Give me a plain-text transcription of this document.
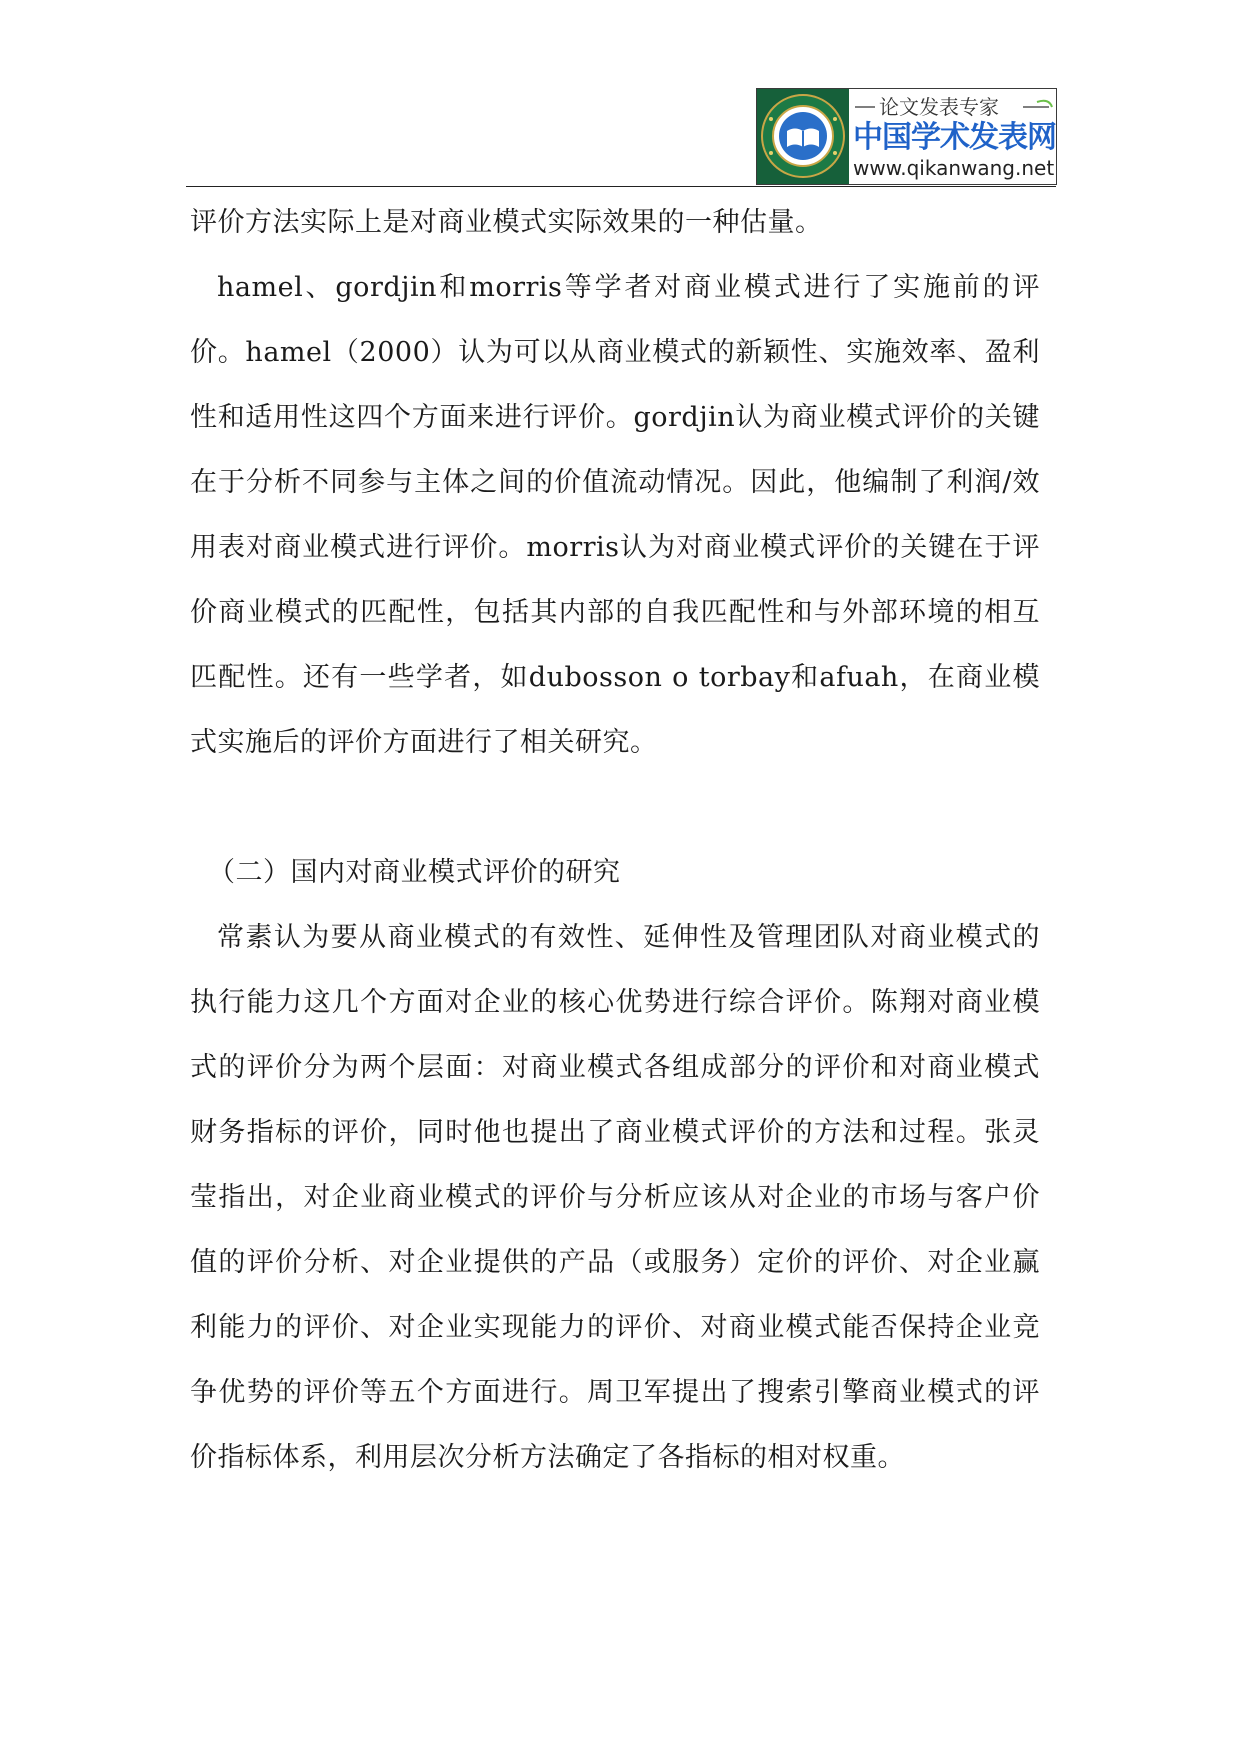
论文发表专家
中国学术发表网
www.qikanwang.net

评价方法实际上是对商业模式实际效果的一种估量。

hamel、gordjin和morris等学者对商业模式进行了实施前的评价。hamel（2000）认为可以从商业模式的新颖性、实施效率、盈利性和适用性这四个方面来进行评价。gordjin认为商业模式评价的关键在于分析不同参与主体之间的价值流动情况。因此，他编制了利润/效用表对商业模式进行评价。morris认为对商业模式评价的关键在于评价商业模式的匹配性，包括其内部的自我匹配性和与外部环境的相互匹配性。还有一些学者，如dubosson o torbay和afuah，在商业模式实施后的评价方面进行了相关研究。

（二）国内对商业模式评价的研究

常素认为要从商业模式的有效性、延伸性及管理团队对商业模式的执行能力这几个方面对企业的核心优势进行综合评价。陈翔对商业模式的评价分为两个层面：对商业模式各组成部分的评价和对商业模式财务指标的评价，同时他也提出了商业模式评价的方法和过程。张灵莹指出，对企业商业模式的评价与分析应该从对企业的市场与客户价值的评价分析、对企业提供的产品（或服务）定价的评价、对企业赢利能力的评价、对企业实现能力的评价、对商业模式能否保持企业竞争优势的评价等五个方面进行。周卫军提出了搜索引擎商业模式的评价指标体系，利用层次分析方法确定了各指标的相对权重。
